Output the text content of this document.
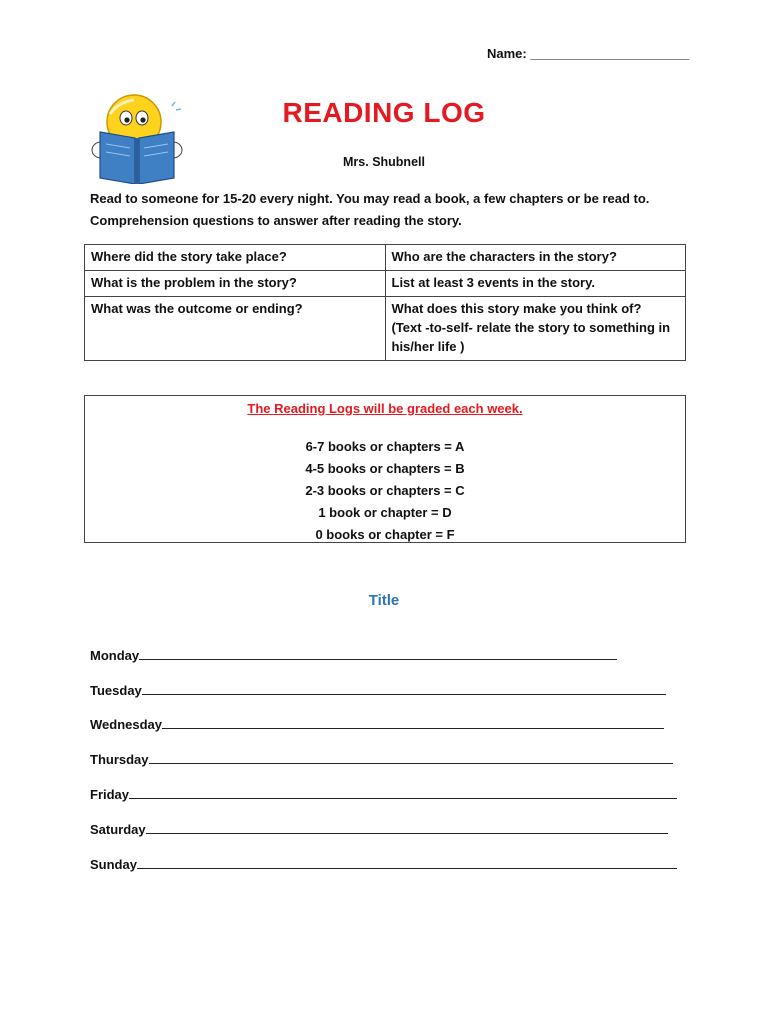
Name: ______________________
READING LOG
Mrs. Shubnell
Read to someone for 15-20 every night. You may read a book, a few chapters or be read to.
Comprehension questions to answer after reading the story.
Where did the story take place?	Who are the characters in the story?
What is the problem in the story?	List at least 3 events in the story.
What was the outcome or ending?	What does this story make you think of?
(Text -to-self- relate the story to something in his/her life )
The Reading Logs will be graded each week.
6-7 books or chapters = A
4-5 books or chapters = B
2-3 books or chapters = C
1 book or chapter = D
0 books or chapter = F
Title
Monday
Tuesday
Wednesday
Thursday
Friday
Saturday
Sunday
